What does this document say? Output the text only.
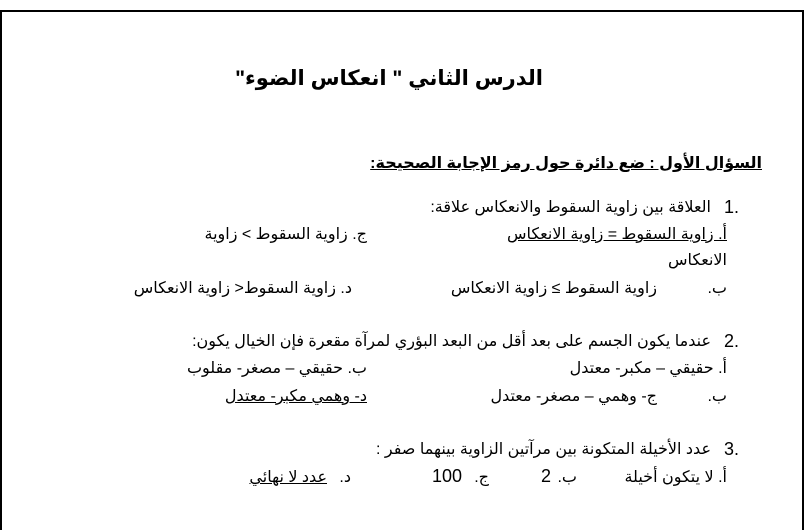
الدرس الثاني " انعكاس الضوء"
السؤال الأول : ضع دائرة حول رمز الإجابة الصحيحة:
1.
العلاقة بين زاوية السقوط والانعكاس علاقة:
أ. زاوية السقوط = زاوية الانعكاس
ج. زاوية السقوط > زاوية
الانعكاس
ب.
زاوية السقوط ≥ زاوية الانعكاس
د. زاوية السقوط< زاوية الانعكاس
2.
عندما يكون الجسم على بعد أقل من البعد البؤري لمرآة مقعرة فإن الخيال يكون:
أ. حقيقي – مكبر- معتدل
ب. حقيقي – مصغر- مقلوب
ب.
ج- وهمي – مصغر- معتدل
د- وهمي مكبر- معتدل
3.
عدد الأخيلة المتكونة بين مرآتين الزاوية بينهما صفر :
أ. لا يتكون أخيلة
ب.
2
ج.
100
د.
عدد لا نهائي
